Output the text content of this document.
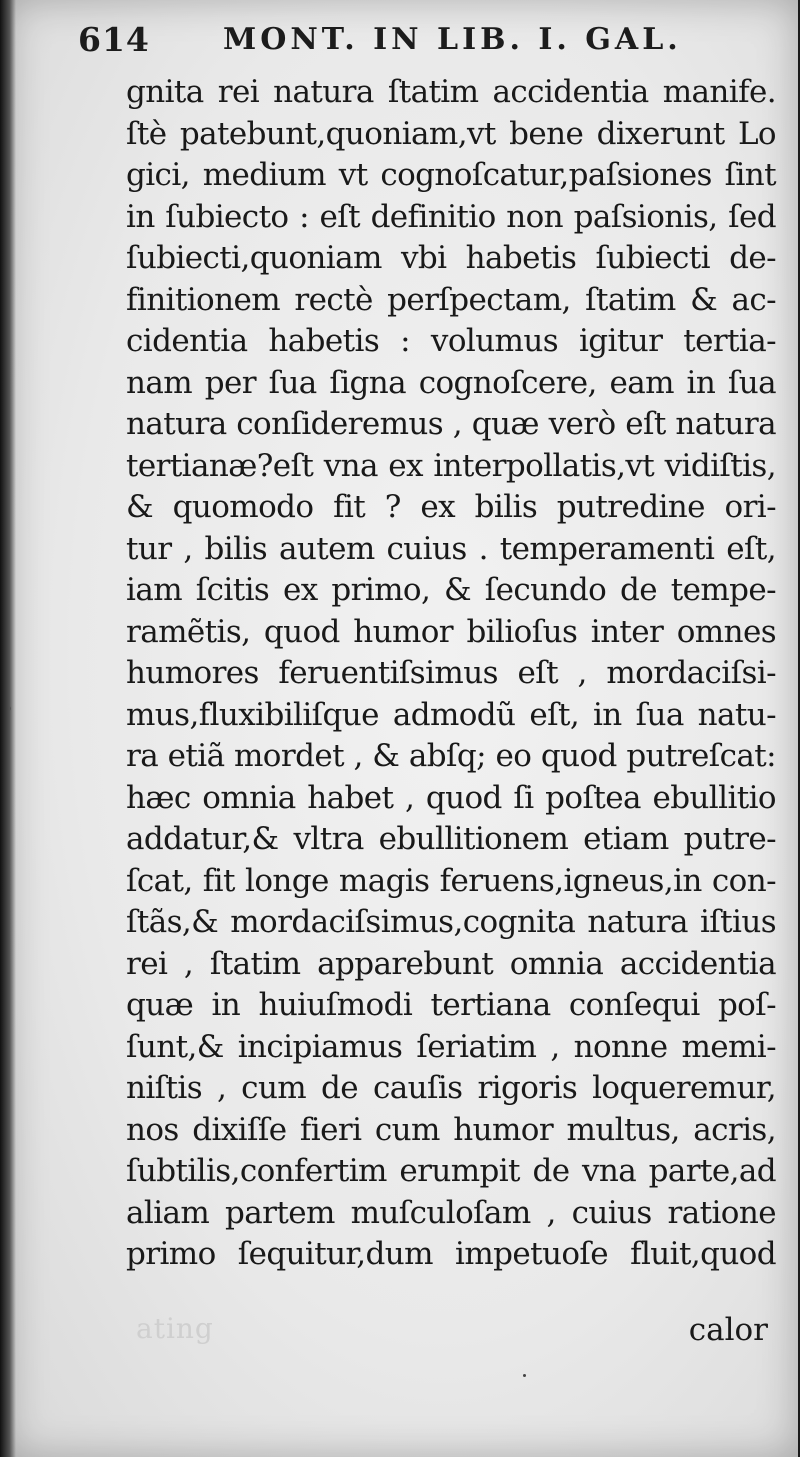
614 MONT. IN LIB. I. GAL.
gnita rei natura ſtatim accidentia manife.
ſtè patebunt,quoniam,vt bene dixerunt Lo
gici, medium vt cognoſcatur,paſsiones ſint
in ſubiecto : eſt definitio non paſsionis, ſed
ſubiecti,quoniam vbi habetis ſubiecti de-
finitionem rectè perſpectam, ſtatim & ac-
cidentia habetis : volumus igitur tertia-
nam per ſua ſigna cognoſcere, eam in ſua
natura conſideremus , quæ verò eſt natura
tertianæ?eſt vna ex interpollatis,vt vidiſtis,
& quomodo fit ? ex bilis putredine ori-
tur , bilis autem cuius . temperamenti eſt,
iam ſcitis ex primo, & ſecundo de tempe-
ramẽtis, quod humor bilioſus inter omnes
humores feruentiſsimus eſt , mordaciſsi-
mus,fluxibiliſque admodũ eſt, in ſua natu-
ra etiã mordet , & abſq; eo quod putreſcat:
hæc omnia habet , quod ſi poſtea ebullitio
addatur,& vltra ebullitionem etiam putre-
ſcat, fit longe magis feruens,igneus,in con-
ſtãs,& mordaciſsimus,cognita natura iſtius
rei , ſtatim apparebunt omnia accidentia
quæ in huiuſmodi tertiana conſequi poſ-
ſunt,& incipiamus ſeriatim , nonne memi-
niſtis , cum de cauſis rigoris loqueremur,
nos dixiſſe fieri cum humor multus, acris,
ſubtilis,confertim erumpit de vna parte,ad
aliam partem muſculoſam , cuius ratione
primo ſequitur,dum impetuoſe fluit,quod
ating	calor
